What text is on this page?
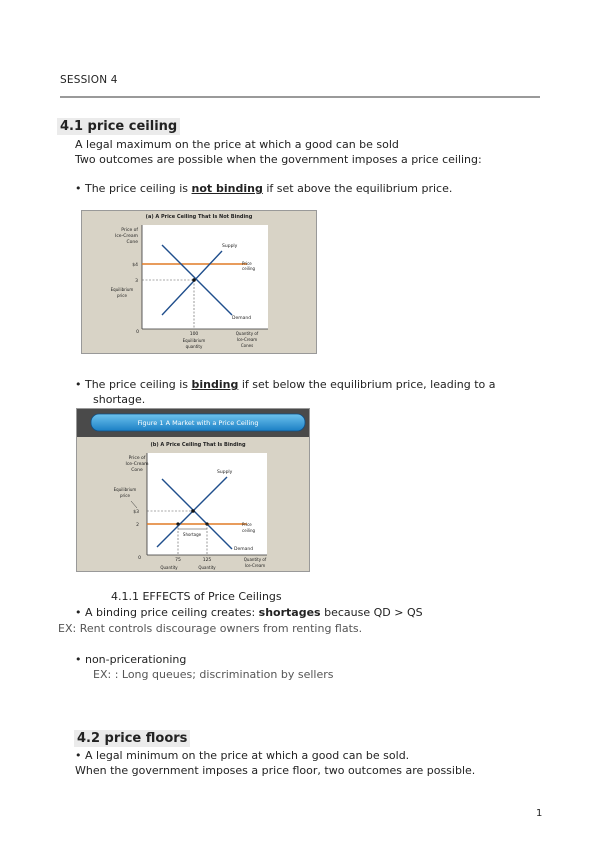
SESSION 4
4.1 price ceiling
A legal maximum on the price at which a good can be sold
Two outcomes are possible when the government imposes a price ceiling:
• The price ceiling is not binding if set above the equilibrium price.
(a) A Price Ceiling That Is Not Binding
Price of
Ice-Cream
Cone
$4
3
Equilibrium
price
Supply
Price
ceiling
Demand
0	100
Equilibrium
quantity
Quantity of
Ice-Cream
Cones
• The price ceiling is binding if set below the equilibrium price, leading to a
shortage.
Figure 1 A Market with a Price Ceiling
(b) A Price Ceiling That Is Binding
Price of
Ice-Cream
Cone
Equilibrium
price
$3
2
Shortage
Supply
Price
ceiling
Demand
0	75	125
Quantity	Quantity
Quantity of
Ice-Cream
4.1.1 EFFECTS of Price Ceilings
• A binding price ceiling creates: shortages because QD > QS
EX: Rent controls discourage owners from renting flats.
• non-pricerationing
EX: : Long queues; discrimination by sellers
4.2 price floors
• A legal minimum on the price at which a good can be sold.
When the government imposes a price floor, two outcomes are possible.
1
